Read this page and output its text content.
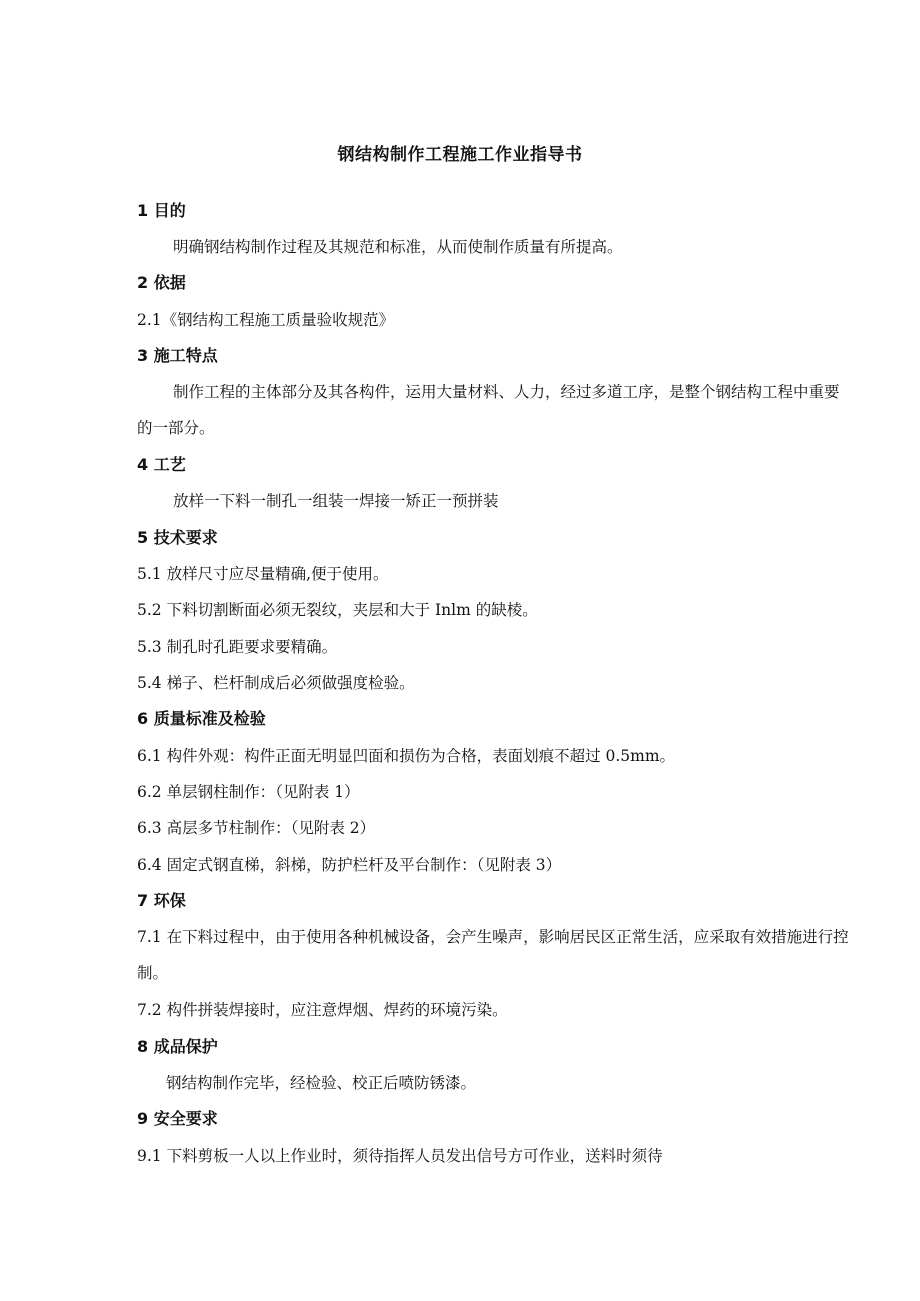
钢结构制作工程施工作业指导书
1 目的
明确钢结构制作过程及其规范和标准，从而使制作质量有所提高。
2 依据
2.1《钢结构工程施工质量验收规范》
3 施工特点
制作工程的主体部分及其各构件，运用大量材料、人力，经过多道工序，是整个钢结构工程中重要的一部分。
4 工艺
放样一下料一制孔一组装一焊接一矫正一预拼装
5 技术要求
5.1 放样尺寸应尽量精确,便于使用。
5.2 下料切割断面必须无裂纹，夹层和大于 Inlm 的缺棱。
5.3 制孔时孔距要求要精确。
5.4 梯子、栏杆制成后必须做强度检验。
6 质量标准及检验
6.1 构件外观：构件正面无明显凹面和损伤为合格，表面划痕不超过 0.5mm。
6.2 单层钢柱制作：（见附表 1）
6.3 高层多节柱制作：（见附表 2）
6.4 固定式钢直梯，斜梯，防护栏杆及平台制作：（见附表 3）
7 环保
7.1 在下料过程中，由于使用各种机械设备，会产生噪声，影响居民区正常生活，应采取有效措施进行控制。
7.2 构件拼装焊接时，应注意焊烟、焊药的环境污染。
8 成品保护
钢结构制作完毕，经检验、校正后喷防锈漆。
9 安全要求
9.1 下料剪板一人以上作业时，须待指挥人员发出信号方可作业，送料时须待
